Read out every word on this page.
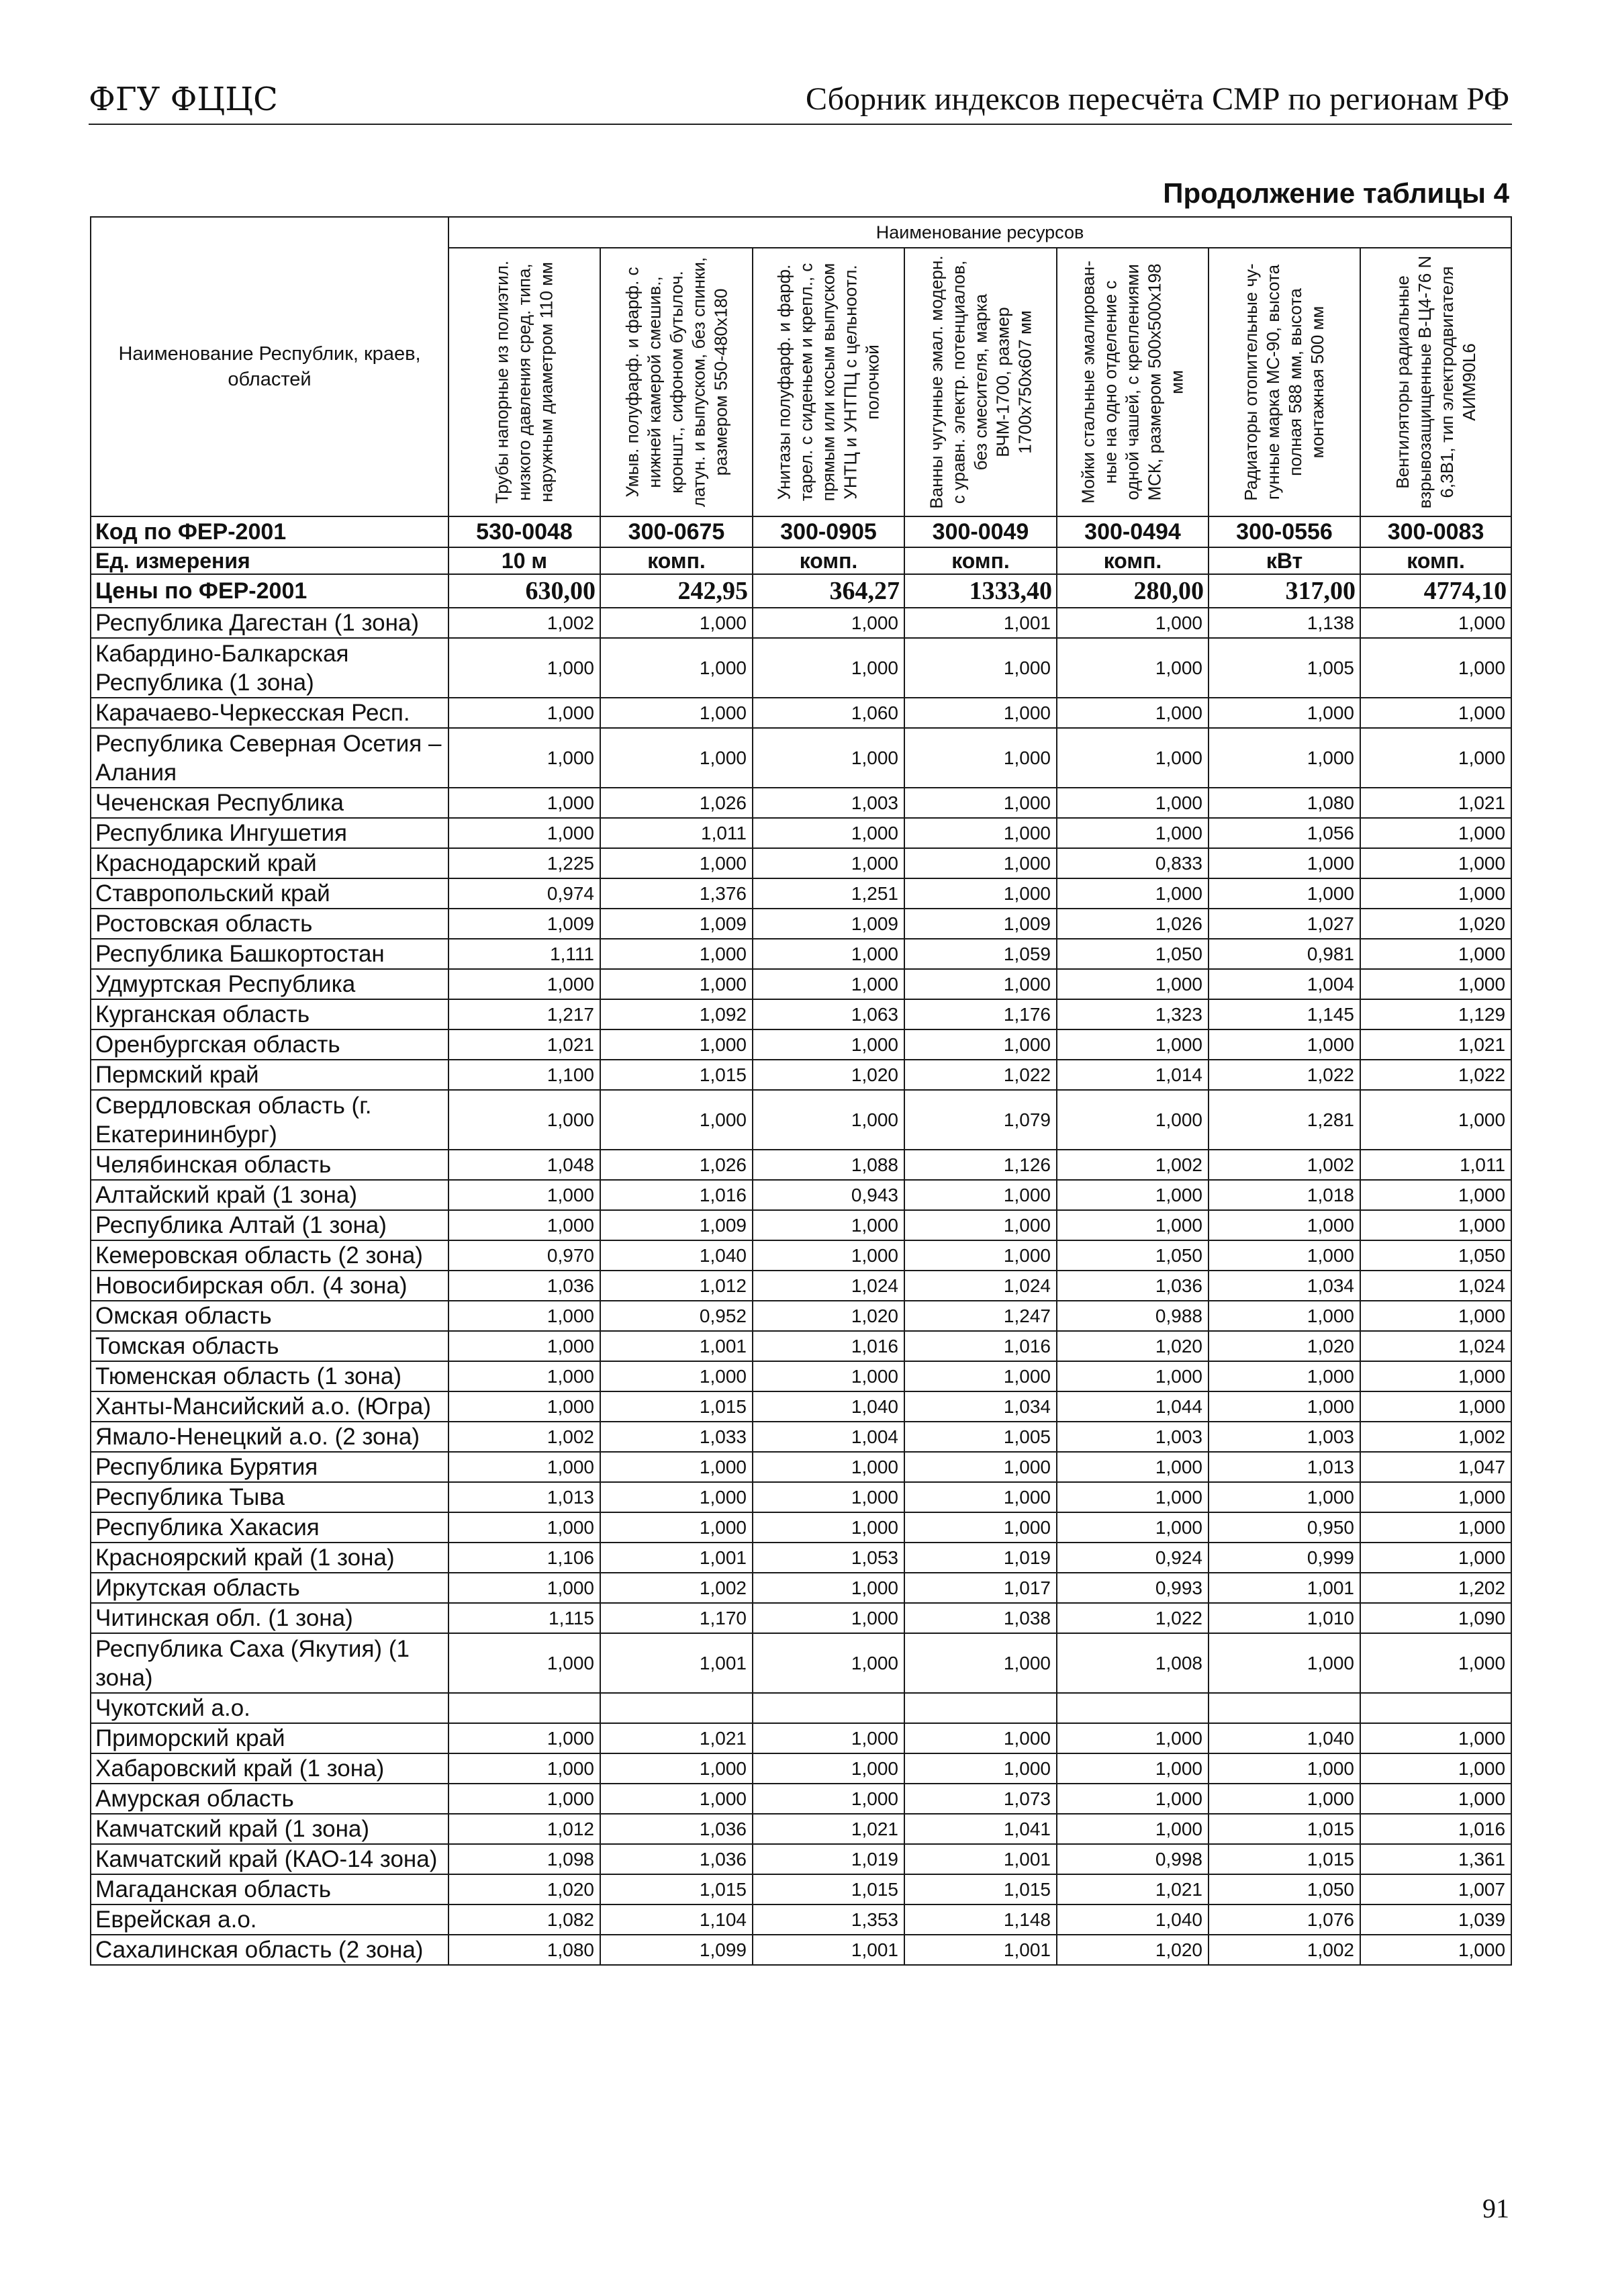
ФГУ ФЦЦС	Сборник индексов пересчёта СМР по регионам РФ
Продолжение таблицы 4
Наименование Республик, краев, областей	Наименование ресурсов						

	Трубы напорные из полиэтил. низкого давления сред. типа, наружным диаметром 110 мм	Умыв. полуфарф. и фарф. с нижней камерой смешив., кроншт., сифоном бутылоч. латун. и выпуском, без спинки, размером 550-480х180	Унитазы полуфарф. и фарф. тарел. с сиденьем и крепл., с прямым или косым выпуском УНТЦ и УНТПЦ с цельноотл. полочкой	Ванны чугунные эмал. модерн. с уравн. электр. потенциалов, без смесителя, марка ВЧМ-1700, размер 1700х750х607 мм	Мойки стальные эмалирован-ные на одно отделение с одной чашей, с креплениями МСК, размером 500х500х198 мм	Радиаторы отопительные чу-гунные марка МС-90, высота полная 588 мм, высота монтажная 500 мм	Вентиляторы радиальные взрывозащищенные В-Ц4-76 N 6,3В1, тип электродвигателя АИМ90L6

Код по ФЕР-2001	530-0048	300-0675	300-0905	300-0049	300-0494	300-0556	300-0083
Ед. измерения	10 м	комп.	комп.	комп.	комп.	кВт	комп.
Цены по ФЕР-2001	630,00	242,95	364,27	1333,40	280,00	317,00	4774,10
Республика Дагестан (1 зона)	1,002	1,000	1,000	1,001	1,000	1,138	1,000
Кабардино-Балкарская Республика (1 зона)	1,000	1,000	1,000	1,000	1,000	1,005	1,000
Карачаево-Черкесская Респ.	1,000	1,000	1,060	1,000	1,000	1,000	1,000
Республика Северная Осетия – Алания	1,000	1,000	1,000	1,000	1,000	1,000	1,000
Чеченская Республика	1,000	1,026	1,003	1,000	1,000	1,080	1,021
Республика Ингушетия	1,000	1,011	1,000	1,000	1,000	1,056	1,000
Краснодарский край	1,225	1,000	1,000	1,000	0,833	1,000	1,000
Ставропольский край	0,974	1,376	1,251	1,000	1,000	1,000	1,000
Ростовская область	1,009	1,009	1,009	1,009	1,026	1,027	1,020
Республика Башкортостан	1,111	1,000	1,000	1,059	1,050	0,981	1,000
Удмуртская Республика	1,000	1,000	1,000	1,000	1,000	1,004	1,000
Курганская область	1,217	1,092	1,063	1,176	1,323	1,145	1,129
Оренбургская область	1,021	1,000	1,000	1,000	1,000	1,000	1,021
Пермский край	1,100	1,015	1,020	1,022	1,014	1,022	1,022
Свердловская область (г. Екатерининбург)	1,000	1,000	1,000	1,079	1,000	1,281	1,000
Челябинская область	1,048	1,026	1,088	1,126	1,002	1,002	1,011
Алтайский край (1 зона)	1,000	1,016	0,943	1,000	1,000	1,018	1,000
Республика Алтай (1 зона)	1,000	1,009	1,000	1,000	1,000	1,000	1,000
Кемеровская область (2 зона)	0,970	1,040	1,000	1,000	1,050	1,000	1,050
Новосибирская обл. (4 зона)	1,036	1,012	1,024	1,024	1,036	1,034	1,024
Омская область	1,000	0,952	1,020	1,247	0,988	1,000	1,000
Томская область	1,000	1,001	1,016	1,016	1,020	1,020	1,024
Тюменская область (1 зона)	1,000	1,000	1,000	1,000	1,000	1,000	1,000
Ханты-Мансийский а.о. (Югра)	1,000	1,015	1,040	1,034	1,044	1,000	1,000
Ямало-Ненецкий а.о. (2 зона)	1,002	1,033	1,004	1,005	1,003	1,003	1,002
Республика Бурятия	1,000	1,000	1,000	1,000	1,000	1,013	1,047
Республика Тыва	1,013	1,000	1,000	1,000	1,000	1,000	1,000
Республика Хакасия	1,000	1,000	1,000	1,000	1,000	0,950	1,000
Красноярский край (1 зона)	1,106	1,001	1,053	1,019	0,924	0,999	1,000
Иркутская область	1,000	1,002	1,000	1,017	0,993	1,001	1,202
Читинская обл. (1 зона)	1,115	1,170	1,000	1,038	1,022	1,010	1,090
Республика Саха (Якутия) (1 зона)	1,000	1,001	1,000	1,000	1,008	1,000	1,000
Чукотский а.о.							
Приморский край	1,000	1,021	1,000	1,000	1,000	1,040	1,000
Хабаровский край (1 зона)	1,000	1,000	1,000	1,000	1,000	1,000	1,000
Амурская область	1,000	1,000	1,000	1,073	1,000	1,000	1,000
Камчатский край (1 зона)	1,012	1,036	1,021	1,041	1,000	1,015	1,016
Камчатский край (КАО-14 зона)	1,098	1,036	1,019	1,001	0,998	1,015	1,361
Магаданская область	1,020	1,015	1,015	1,015	1,021	1,050	1,007
Еврейская а.о.	1,082	1,104	1,353	1,148	1,040	1,076	1,039
Сахалинская область (2 зона)	1,080	1,099	1,001	1,001	1,020	1,002	1,000
91
